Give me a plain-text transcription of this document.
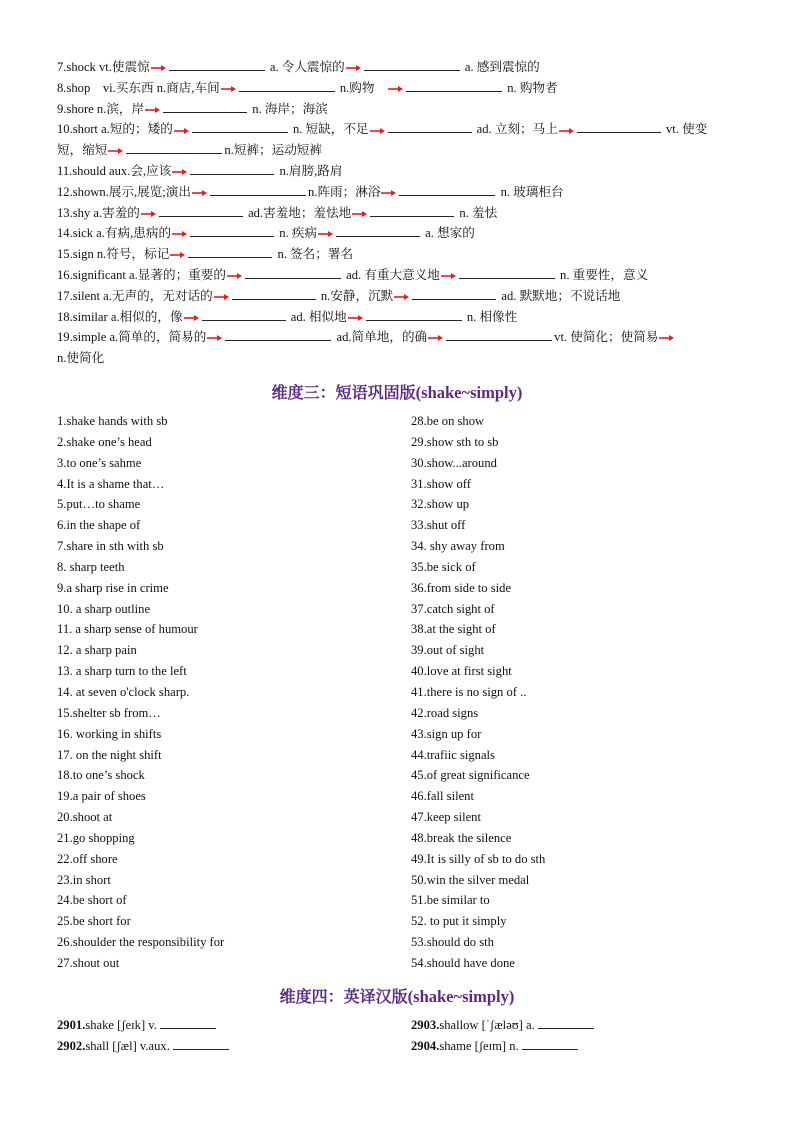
7.shock vt.使震惊	a. 令人震惊的	a. 感到震惊的
8.shop　vi.买东西 n.商店,车间	n.购物　	n. 购物者
9.shore n.滨，岸	n. 海岸；海滨
10.short a.短的；矮的	n. 短缺，不足	ad. 立刻；马上	vt. 使变
短，缩短	n.短裤；运动短裤
11.should aux.会,应该	n.肩膀,路肩
12.shown.展示,展览;演出	n.阵雨；淋浴	n. 玻璃柜台
13.shy a.害羞的	ad.害羞地；羞怯地	n. 羞怯
14.sick a.有病,患病的	n. 疾病	a. 想家的
15.sign n.符号，标记	n. 签名；署名
16.significant a.显著的；重要的	ad. 有重大意义地	n. 重要性，意义
17.silent a.无声的，无对话的	n.安静，沉默	ad. 默默地；不说话地
18.similar a.相似的，像	ad. 相似地	n. 相像性
19.simple a.简单的，简易的	ad.简单地，的确	vt. 使简化；使简易
n.使简化
维度三：短语巩固版(shake~simply)
1.shake hands with sb
2.shake one’s head
3.to one’s sahme
4.It is a shame that…
5.put…to shame
6.in the shape of
7.share in sth with sb
8. sharp teeth
9.a sharp rise in crime
10. a sharp outline
11. a sharp sense of humour
12. a sharp pain
13. a sharp turn to the left
14. at seven o'clock sharp.
15.shelter sb from…
16. working in shifts
17. on the night shift
18.to one’s shock
19.a pair of shoes
20.shoot at
21.go shopping
22.off shore
23.in short
24.be short of
25.be short for
26.shoulder the responsibility for
27.shout out
28.be on show
29.show sth to sb
30.show...around
31.show off
32.show up
33.shut off
34. shy away from
35.be sick of
36.from side to side
37.catch sight of
38.at the sight of
39.out of sight
40.love at first sight
41.there is no sign of ..
42.road signs
43.sign up for
44.trafiic signals
45.of great significance
46.fall silent
47.keep silent
48.break the silence
49.It is silly of sb to do sth
50.win the silver medal
51.be similar to
52. to put it simply
53.should do sth
54.should have done
维度四：英译汉版(shake~simply)
2901.shake [ʃeɪk] v.	2903.shallow [ˈʃæləʊ] a.
2902.shall [ʃæl] v.aux.	2904.shame [ʃeɪm] n.
